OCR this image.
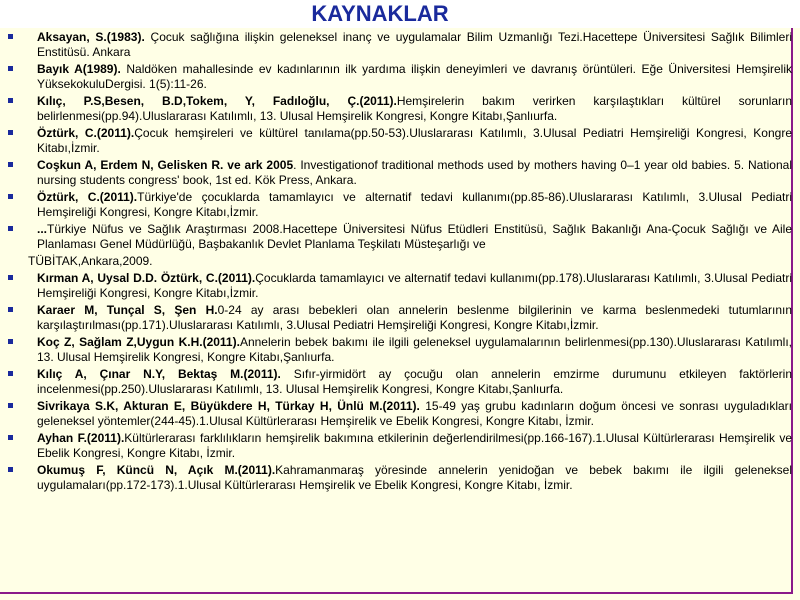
KAYNAKLAR
Aksayan, S.(1983). Çocuk sağlığına ilişkin geleneksel inanç ve uygulamalar Bilim Uzmanlığı Tezi.Hacettepe Üniversitesi Sağlık Bilimleri Enstitüsü. Ankara
Bayık A(1989). Naldöken mahallesinde ev kadınlarının ilk yardıma ilişkin deneyimleri ve davranış örüntüleri. Eğe Üniversitesi Hemşirelik YüksekokuluDergisi. 1(5):11-26.
Kılıç, P.S,Besen, B.D,Tokem, Y, Fadıloğlu, Ç.(2011).Hemşirelerin bakım verirken karşılaştıkları kültürel sorunların belirlenmesi(pp.94).Uluslararası Katılımlı, 13. Ulusal Hemşirelik Kongresi, Kongre Kitabı,Şanlıurfa.
Öztürk, C.(2011).Çocuk hemşireleri ve kültürel tanılama(pp.50-53).Uluslararası Katılımlı, 3.Ulusal Pediatri Hemşireliği Kongresi, Kongre Kitabı,İzmir.
Coşkun A, Erdem N, Gelisken R. ve ark 2005. Investigationof traditional methods used by mothers having 0–1 year old babies. 5. National nursing students congress' book, 1st ed. Kök Press, Ankara.
Öztürk, C.(2011).Türkiye'de çocuklarda tamamlayıcı ve alternatif tedavi kullanımı(pp.85-86).Uluslararası Katılımlı, 3.Ulusal Pediatri Hemşireliği Kongresi, Kongre Kitabı,İzmir.
...Türkiye Nüfus ve Sağlık Araştırması 2008.Hacettepe Üniversitesi Nüfus Etüdleri Enstitüsü, Sağlık Bakanlığı Ana-Çocuk Sağlığı ve Aile Planlaması Genel Müdürlüğü, Başbakanlık Devlet Planlama Teşkilatı Müsteşarlığı ve
TÜBİTAK,Ankara,2009.
Kırman A, Uysal D.D. Öztürk, C.(2011).Çocuklarda tamamlayıcı ve alternatif tedavi kullanımı(pp.178).Uluslararası Katılımlı, 3.Ulusal Pediatri Hemşireliği Kongresi, Kongre Kitabı,İzmir.
Karaer M, Tunçal S, Şen H.0-24 ay arası bebekleri olan annelerin beslenme bilgilerinin ve karma beslenmedeki tutumlarının karşılaştırılması(pp.171).Uluslararası Katılımlı, 3.Ulusal Pediatri Hemşireliği Kongresi, Kongre Kitabı,İzmir.
Koç Z, Sağlam Z,Uygun K.H.(2011).Annelerin bebek bakımı ile ilgili geleneksel uygulamalarının belirlenmesi(pp.130).Uluslararası Katılımlı, 13. Ulusal Hemşirelik Kongresi, Kongre Kitabı,Şanlıurfa.
Kılıç A, Çınar N.Y, Bektaş M.(2011). Sıfır-yirmidört ay çocuğu olan annelerin emzirme durumunu etkileyen faktörlerin incelenmesi(pp.250).Uluslararası Katılımlı, 13. Ulusal Hemşirelik Kongresi, Kongre Kitabı,Şanlıurfa.
Sivrikaya S.K, Akturan E, Büyükdere H, Türkay H, Ünlü M.(2011). 15-49 yaş grubu kadınların doğum öncesi ve sonrası uyguladıkları geleneksel yöntemler(244-45).1.Ulusal Kültürlerarası Hemşirelik ve Ebelik Kongresi, Kongre Kitabı, İzmir.
Ayhan F.(2011).Kültürlerarası farklılıkların hemşirelik bakımına etkilerinin değerlendirilmesi(pp.166-167).1.Ulusal Kültürlerarası Hemşirelik ve Ebelik Kongresi, Kongre Kitabı, İzmir.
Okumuş F, Küncü N, Açık M.(2011).Kahramanmaraş yöresinde annelerin yenidoğan ve bebek bakımı ile ilgili geleneksel uygulamaları(pp.172-173).1.Ulusal Kültürlerarası Hemşirelik ve Ebelik Kongresi, Kongre Kitabı, İzmir.
